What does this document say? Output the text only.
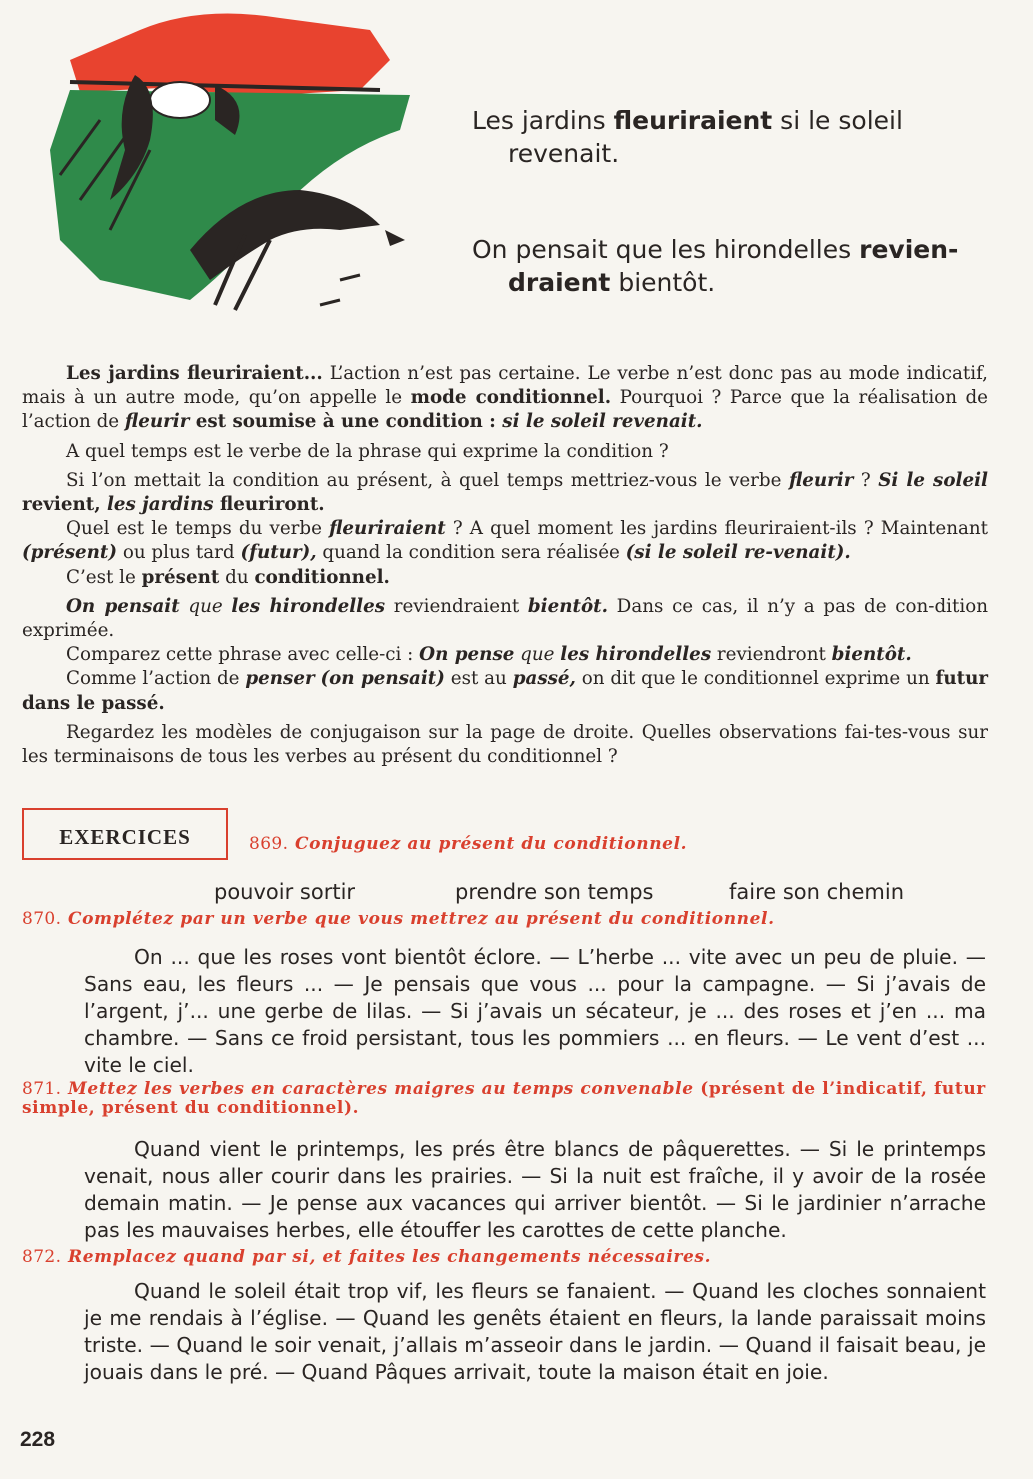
Les jardins fleuriraient si le soleil
revenait.
On pensait que les hirondelles revien-
draient bientôt.

Les jardins fleuriraient... L’action n’est pas certaine. Le verbe n’est donc pas au mode indicatif, mais à un autre mode, qu’on appelle le mode conditionnel. Pourquoi ? Parce que la réalisation de l’action de fleurir est soumise à une condition : si le soleil revenait.

A quel temps est le verbe de la phrase qui exprime la condition ?

Si l’on mettait la condition au présent, à quel temps mettriez-vous le verbe fleurir ? Si le soleil revient, les jardins fleuriront.

Quel est le temps du verbe fleuriraient ? A quel moment les jardins fleuriraient-ils ? Maintenant (présent) ou plus tard (futur), quand la condition sera réalisée (si le soleil re-venait).

C’est le présent du conditionnel.

On pensait que les hirondelles reviendraient bientôt. Dans ce cas, il n’y a pas de con-dition exprimée.

Comparez cette phrase avec celle-ci : On pense que les hirondelles reviendront bientôt.

Comme l’action de penser (on pensait) est au passé, on dit que le conditionnel exprime un futur dans le passé.

Regardez les modèles de conjugaison sur la page de droite. Quelles observations fai-tes-vous sur les terminaisons de tous les verbes au présent du conditionnel ?

EXERCICES	869. Conjuguez au présent du conditionnel.
pouvoir sortir	prendre son temps	faire son chemin
870. Complétez par un verbe que vous mettrez au présent du conditionnel.

On ... que les roses vont bientôt éclore. — L’herbe ... vite avec un peu de pluie. — Sans eau, les fleurs ... — Je pensais que vous ... pour la campagne. — Si j’avais de l’argent, j’... une gerbe de lilas. — Si j’avais un sécateur, je ... des roses et j’en ... ma chambre. — Sans ce froid persistant, tous les pommiers ... en fleurs. — Le vent d’est ... vite le ciel.

871. Mettez les verbes en caractères maigres au temps convenable (présent de l’indicatif, futur simple, présent du conditionnel).

Quand vient le printemps, les prés être blancs de pâquerettes. — Si le printemps venait, nous aller courir dans les prairies. — Si la nuit est fraîche, il y avoir de la rosée demain matin. — Je pense aux vacances qui arriver bientôt. — Si le jardinier n’arrache pas les mauvaises herbes, elle étouffer les carottes de cette planche.

872. Remplacez quand par si, et faites les changements nécessaires.

Quand le soleil était trop vif, les fleurs se fanaient. — Quand les cloches sonnaient je me rendais à l’église. — Quand les genêts étaient en fleurs, la lande paraissait moins triste. — Quand le soir venait, j’allais m’asseoir dans le jardin. — Quand il faisait beau, je jouais dans le pré. — Quand Pâques arrivait, toute la maison était en joie.

228
